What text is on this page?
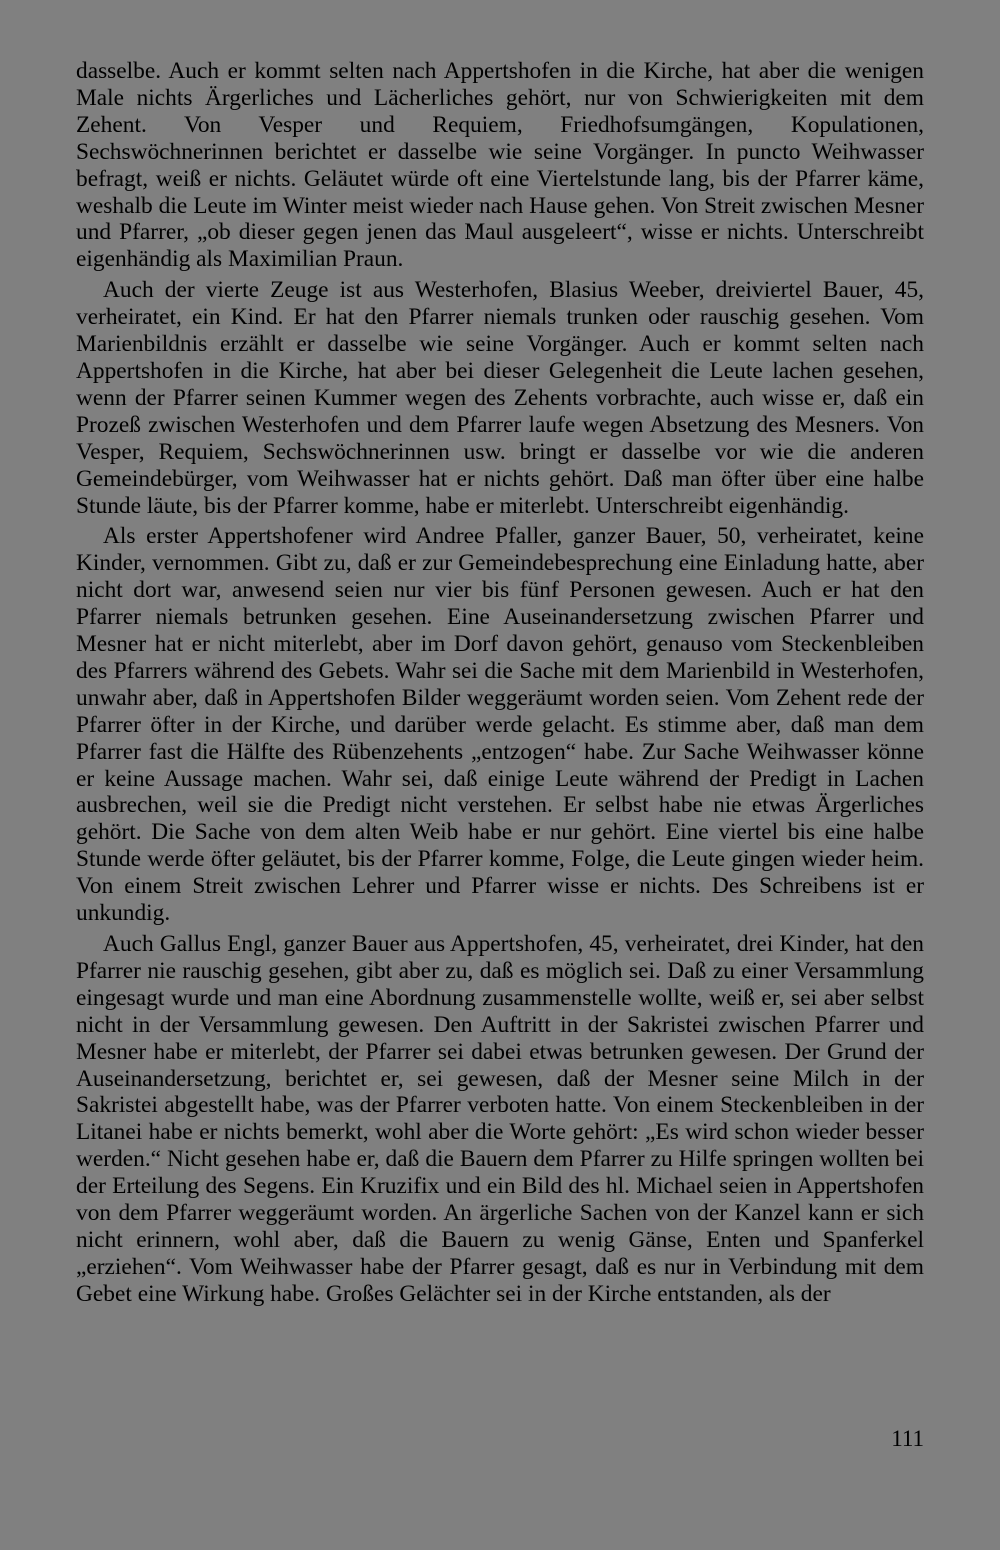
dasselbe. Auch er kommt selten nach Appertshofen in die Kirche, hat aber die wenigen Male nichts Ärgerliches und Lächerliches gehört, nur von Schwierigkeiten mit dem Zehent. Von Vesper und Requiem, Friedhofsumgängen, Kopulationen, Sechswöchnerinnen berichtet er dasselbe wie seine Vorgänger. In puncto Weihwasser befragt, weiß er nichts. Geläutet würde oft eine Viertelstunde lang, bis der Pfarrer käme, weshalb die Leute im Winter meist wieder nach Hause gehen. Von Streit zwischen Mesner und Pfarrer, „ob dieser gegen jenen das Maul ausgeleert“, wisse er nichts. Unterschreibt eigenhändig als Maximilian Praun.

Auch der vierte Zeuge ist aus Westerhofen, Blasius Weeber, dreiviertel Bauer, 45, verheiratet, ein Kind. Er hat den Pfarrer niemals trunken oder rauschig gesehen. Vom Marienbildnis erzählt er dasselbe wie seine Vorgänger. Auch er kommt selten nach Appertshofen in die Kirche, hat aber bei dieser Gelegenheit die Leute lachen gesehen, wenn der Pfarrer seinen Kummer wegen des Zehents vorbrachte, auch wisse er, daß ein Prozeß zwischen Westerhofen und dem Pfarrer laufe wegen Absetzung des Mesners. Von Vesper, Requiem, Sechswöchnerinnen usw. bringt er dasselbe vor wie die anderen Gemeindebürger, vom Weihwasser hat er nichts gehört. Daß man öfter über eine halbe Stunde läute, bis der Pfarrer komme, habe er miterlebt. Unterschreibt eigenhändig.

Als erster Appertshofener wird Andree Pfaller, ganzer Bauer, 50, verheiratet, keine Kinder, vernommen. Gibt zu, daß er zur Gemeindebesprechung eine Einladung hatte, aber nicht dort war, anwesend seien nur vier bis fünf Personen gewesen. Auch er hat den Pfarrer niemals betrunken gesehen. Eine Auseinandersetzung zwischen Pfarrer und Mesner hat er nicht miterlebt, aber im Dorf davon gehört, genauso vom Steckenbleiben des Pfarrers während des Gebets. Wahr sei die Sache mit dem Marienbild in Westerhofen, unwahr aber, daß in Appertshofen Bilder weggeräumt worden seien. Vom Zehent rede der Pfarrer öfter in der Kirche, und darüber werde gelacht. Es stimme aber, daß man dem Pfarrer fast die Hälfte des Rübenzehents „entzogen“ habe. Zur Sache Weihwasser könne er keine Aussage machen. Wahr sei, daß einige Leute während der Predigt in Lachen ausbrechen, weil sie die Predigt nicht verstehen. Er selbst habe nie etwas Ärgerliches gehört. Die Sache von dem alten Weib habe er nur gehört. Eine viertel bis eine halbe Stunde werde öfter geläutet, bis der Pfarrer komme, Folge, die Leute gingen wieder heim. Von einem Streit zwischen Lehrer und Pfarrer wisse er nichts. Des Schreibens ist er unkundig.

Auch Gallus Engl, ganzer Bauer aus Appertshofen, 45, verheiratet, drei Kinder, hat den Pfarrer nie rauschig gesehen, gibt aber zu, daß es möglich sei. Daß zu einer Versammlung eingesagt wurde und man eine Abordnung zusammenstelle wollte, weiß er, sei aber selbst nicht in der Versammlung gewesen. Den Auftritt in der Sakristei zwischen Pfarrer und Mesner habe er miterlebt, der Pfarrer sei dabei etwas betrunken gewesen. Der Grund der Auseinandersetzung, berichtet er, sei gewesen, daß der Mesner seine Milch in der Sakristei abgestellt habe, was der Pfarrer verboten hatte. Von einem Steckenbleiben in der Litanei habe er nichts bemerkt, wohl aber die Worte gehört: „Es wird schon wieder besser werden.“ Nicht gesehen habe er, daß die Bauern dem Pfarrer zu Hilfe springen wollten bei der Erteilung des Segens. Ein Kruzifix und ein Bild des hl. Michael seien in Appertshofen von dem Pfarrer weggeräumt worden. An ärgerliche Sachen von der Kanzel kann er sich nicht erinnern, wohl aber, daß die Bauern zu wenig Gänse, Enten und Spanferkel „erziehen“. Vom Weihwasser habe der Pfarrer gesagt, daß es nur in Verbindung mit dem Gebet eine Wirkung habe. Großes Gelächter sei in der Kirche entstanden, als der

111
